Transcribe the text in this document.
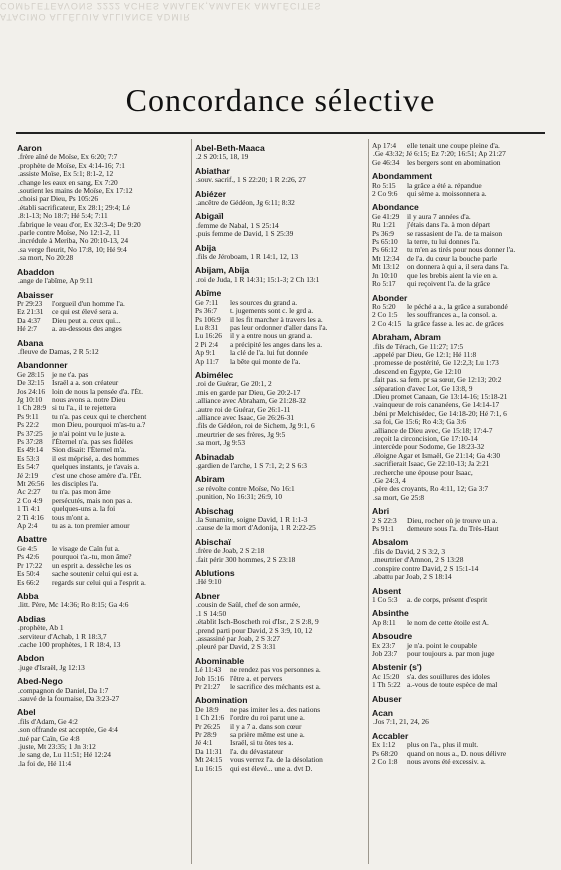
COMPLETEAVONS 2222 ACHES AMALEK,AMALEK AMALÉCITES
ATACIMO ALLÉLUIA ALLIANCE ADMIR
Concordance sélective
Aaron
.frère aîné de Moïse, Ex 6:20; 7:7
.prophète de Moïse, Ex 4:14-16; 7:1
.assiste Moïse, Ex 5:1; 8:1-2, 12
.change les eaux en sang, Ex 7:20
.soutient les mains de Moïse, Ex 17:12
.choisi par Dieu, Ps 105:26
.établi sacrificateur, Ex 28:1; 29:4; Lé
.8:1-13; No 18:7; Hé 5:4; 7:11
.fabrique le veau d'or, Ex 32:3-4; De 9:20
.parle contre Moïse, No 12:1-2, 11
.incrédule à Meriba, No 20:10-13, 24
.sa verge fleurit, No 17:8, 10; Hé 9:4
.sa mort, No 20:28
Abaddon
.ange de l'abîme, Ap 9:11
Abaisser
Pr 29:23 l'orgueil d'un homme l'a.
Ez 21:31 ce qui est élevé sera a.
Da 4:37 Dieu peut a. ceux qui...
Hé 2:7 a. au-dessous des anges
Abana
.fleuve de Damas, 2 R 5:12
Abandonner
Ge 28:15 je ne t'a. pas
De 32:15 Israël a a. son créateur
Jos 24:16 loin de nous la pensée d'a. l'Ét.
Jg 10:10 nous avons a. notre Dieu
1 Ch 28:9 si tu l'a., il te rejettera
Ps 9:11 tu n'a. pas ceux qui te cherchent
Ps 22:2 mon Dieu, pourquoi m'as-tu a.?
Ps 37:25 je n'ai point vu le juste a.
Ps 37:28 l'Éternel n'a. pas ses fidèles
Es 49:14 Sion disait: l'Éternel m'a.
Es 53:3 il est méprisé, a. des hommes
Es 54:7 quelques instants, je t'avais a.
Jé 2:19 c'est une chose amère d'a. l'Ét.
Mt 26:56 les disciples l'a.
Ac 2:27 tu n'a. pas mon âme
2 Co 4:9 persécutés, mais non pas a.
1 Ti 4:1 quelques-uns a. la foi
2 Ti 4:16 tous m'ont a.
Ap 2:4 tu as a. ton premier amour
Abattre
Ge 4:5 le visage de Caïn fut a.
Ps 42:6 pourquoi t'a.-tu, mon âme?
Pr 17:22 un esprit a. dessèche les os
Es 50:4 sache soutenir celui qui est a.
Es 66:2 regards sur celui qui a l'esprit a.
Abba
.litt. Père, Mc 14:36; Ro 8:15; Ga 4:6
Abdias
.prophète, Ab 1
.serviteur d'Achab, 1 R 18:3,7
.cache 100 prophètes, 1 R 18:4, 13
Abdon
.juge d'Israël, Jg 12:13
Abed-Nego
.compagnon de Daniel, Da 1:7
.sauvé de la fournaise, Da 3:23-27
Abel
.fils d'Adam, Ge 4:2
.son offrande est acceptée, Ge 4:4
.tué par Caïn, Ge 4:8
.juste, Mt 23:35; 1 Jn 3:12
.le sang de, Lu 11:51; Hé 12:24
.la foi de, Hé 11:4
Abel-Beth-Maaca
.2 S 20:15, 18, 19
Abiathar
.souv. sacrif., 1 S 22:20; 1 R 2:26, 27
Abiézer
.ancêtre de Gédéon, Jg 6:11; 8:32
Abigaïl
.femme de Nabal, 1 S 25:14
.puis femme de David, 1 S 25:39
Abija
.fils de Jéroboam, 1 R 14:1, 12, 13
Abijam, Abija
.roi de Juda, 1 R 14:31; 15:1-3; 2 Ch 13:1
Abîme
Ge 7:11 les sources du grand a.
Ps 36:7 t. jugements sont c. le grd a.
Ps 106:9 il les fit marcher à travers les a.
Lu 8:31 pas leur ordonner d'aller dans l'a.
Lu 16:26 il y a entre nous un grand a.
2 Pi 2:4 a précipité les anges dans les a.
Ap 9:1 la clé de l'a. lui fut donnée
Ap 11:7 la bête qui monte de l'a.
Abimélec
.roi de Guérar, Ge 20:1, 2
.mis en garde par Dieu, Ge 20:2-17
.alliance avec Abraham, Ge 21:28-32
.autre roi de Guérar, Ge 26:1-11
.alliance avec Isaac, Ge 26:26-31
.fils de Gédéon, roi de Sichem, Jg 9:1, 6
.meurtrier de ses frères, Jg 9:5
.sa mort, Jg 9:53
Abinadab
.gardien de l'arche, 1 S 7:1, 2; 2 S 6:3
Abiram
.se révolte contre Moïse, No 16:1
.punition, No 16:31; 26:9, 10
Abischag
.la Sunamite, soigne David, 1 R 1:1-3
.cause de la mort d'Adonija, 1 R 2:22-25
Abischaï
.frère de Joab, 2 S 2:18
.fait périr 300 hommes, 2 S 23:18
Ablutions
.Hé 9:10
Abner
.cousin de Saül, chef de son armée,
.1 S 14:50
.établit Isch-Boscheth roi d'Isr., 2 S 2:8, 9
.prend parti pour David, 2 S 3:9, 10, 12
.assassiné par Joab, 2 S 3:27
.pleuré par David, 2 S 3:31
Abominable
Lé 11:43 ne rendez pas vos personnes a.
Job 15:16 l'être a. et pervers
Pr 21:27 le sacrifice des méchants est a.
Abomination
De 18:9 ne pas imiter les a. des nations
1 Ch 21:6 l'ordre du roi parut une a.
Pr 26:25 il y a 7 a. dans son cœur
Pr 28:9 sa prière même est une a.
Jé 4:1 Israël, si tu ôtes tes a.
Da 11:31 l'a. du dévastateur
Mt 24:15 vous verrez l'a. de la désolation
Lu 16:15 qui est élevé... une a. dvt D.
Ap 17:4 elle tenait une coupe pleine d'a.
.Ge 43:32; Jé 6:15; Ez 7:20; 16:51; Ap 21:27
Ge 46:34 les bergers sont en abomination
Abondamment
Ro 5:15 la grâce a été a. répandue
2 Co 9:6 qui sème a. moissonnera a.
Abondance
Ge 41:29 il y aura 7 années d'a.
Ru 1:21 j'étais dans l'a. à mon départ
Ps 36:9 se rassasient de l'a. de ta maison
Ps 65:10 la terre, tu lui donnes l'a.
Ps 66:12 tu m'en as tirés pour nous donner l'a.
Mt 12:34 de l'a. du cœur la bouche parle
Mt 13:12 on donnera à qui a, il sera dans l'a.
Jn 10:10 que les brebis aient la vie en a.
Ro 5:17 qui reçoivent l'a. de la grâce
Abonder
Ro 5:20 le péché a a., la grâce a surabondé
2 Co 1:5 les souffrances a., la consol. a.
2 Co 4:15 la grâce fasse a. les ac. de grâces
Abraham, Abram
.fils de Térach, Ge 11:27; 17:5
.appelé par Dieu, Ge 12:1; Hé 11:8
.promesse de postérité, Ge 12:2,3; Lu 1:73
.descend en Égypte, Ge 12:10
.fait pas. sa fem. pr sa sœur, Ge 12:13; 20:2
.séparation d'avec Lot, Ge 13:8, 9
.Dieu promet Canaan, Ge 13:14-16; 15:18-21
.vainqueur de rois cananéens, Ge 14:14-17
.béni pr Melchisédec, Ge 14:18-20; Hé 7:1, 6
.sa foi, Ge 15:6; Ro 4:3; Ga 3:6
.alliance de Dieu avec, Ge 15:18; 17:4-7
.reçoit la circoncision, Ge 17:10-14
.intercède pour Sodome, Ge 18:23-32
.éloigne Agar et Ismaël, Ge 21:14; Ga 4:30
.sacrifierait Isaac, Ge 22:10-13; Ja 2:21
.recherche une épouse pour Isaac,
.Ge 24:3, 4
.père des croyants, Ro 4:11, 12; Ga 3:7
.sa mort, Ge 25:8
Abri
2 S 22:3 Dieu, rocher où je trouve un a.
Ps 91:1 demeure sous l'a. du Très-Haut
Absalom
.fils de David, 2 S 3:2, 3
.meurtrier d'Amnon, 2 S 13:28
.conspire contre David, 2 S 15:1-14
.abattu par Joab, 2 S 18:14
Absent
1 Co 5:3 a. de corps, présent d'esprit
Absinthe
Ap 8:11 le nom de cette étoile est A.
Absoudre
Ex 23:7 je n'a. point le coupable
Job 23:7 pour toujours a. par mon juge
Abstenir (s')
Ac 15:20 s'a. des souillures des idoles
1 Th 5:22 a.-vous de toute espèce de mal
Abuser
Acan
.Jos 7:1, 21, 24, 26
Accabler
Ex 1:12 plus on l'a., plus il mult.
Ps 68:20 quand on nous a., D. nous délivre
2 Co 1:8 nous avons été excessiv. a.
